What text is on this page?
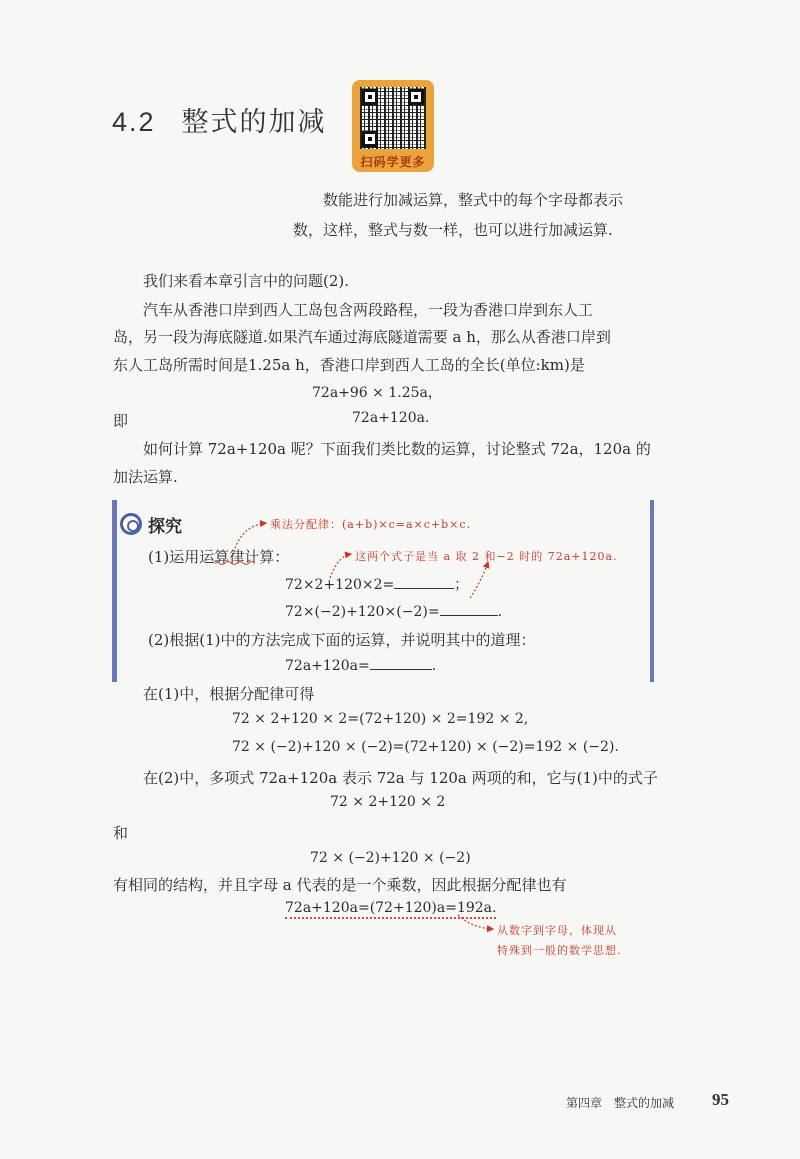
4.2 整式的加减
扫码学更多
数能进行加减运算，整式中的每个字母都表示
数，这样，整式与数一样，也可以进行加减运算.
我们来看本章引言中的问题(2).
汽车从香港口岸到西人工岛包含两段路程，一段为香港口岸到东人工
岛，另一段为海底隧道.如果汽车通过海底隧道需要 a h，那么从香港口岸到
东人工岛所需时间是1.25a h，香港口岸到西人工岛的全长(单位:km)是
72a+96 × 1.25a，
即	72a+120a.
如何计算 72a+120a 呢？下面我们类比数的运算，讨论整式 72a，120a 的
加法运算.
探究	乘法分配律：(a+b)×c=a×c+b×c.
(1)运用运算律计算：	这两个式子是当 a 取 2 和−2 时的 72a+120a.
72×2+120×2=	；
72×(−2)+120×(−2)=	.
(2)根据(1)中的方法完成下面的运算，并说明其中的道理：
72a+120a=	.
在(1)中，根据分配律可得
72 × 2+120 × 2=(72+120) × 2=192 × 2,
72 × (−2)+120 × (−2)=(72+120) × (−2)=192 × (−2).
在(2)中，多项式 72a+120a 表示 72a 与 120a 两项的和，它与(1)中的式子
72 × 2+120 × 2
和
72 × (−2)+120 × (−2)
有相同的结构，并且字母 a 代表的是一个乘数，因此根据分配律也有
72a+120a=(72+120)a=192a.
从数字到字母，体现从
特殊到一般的数学思想.
第四章　整式的加减 95
